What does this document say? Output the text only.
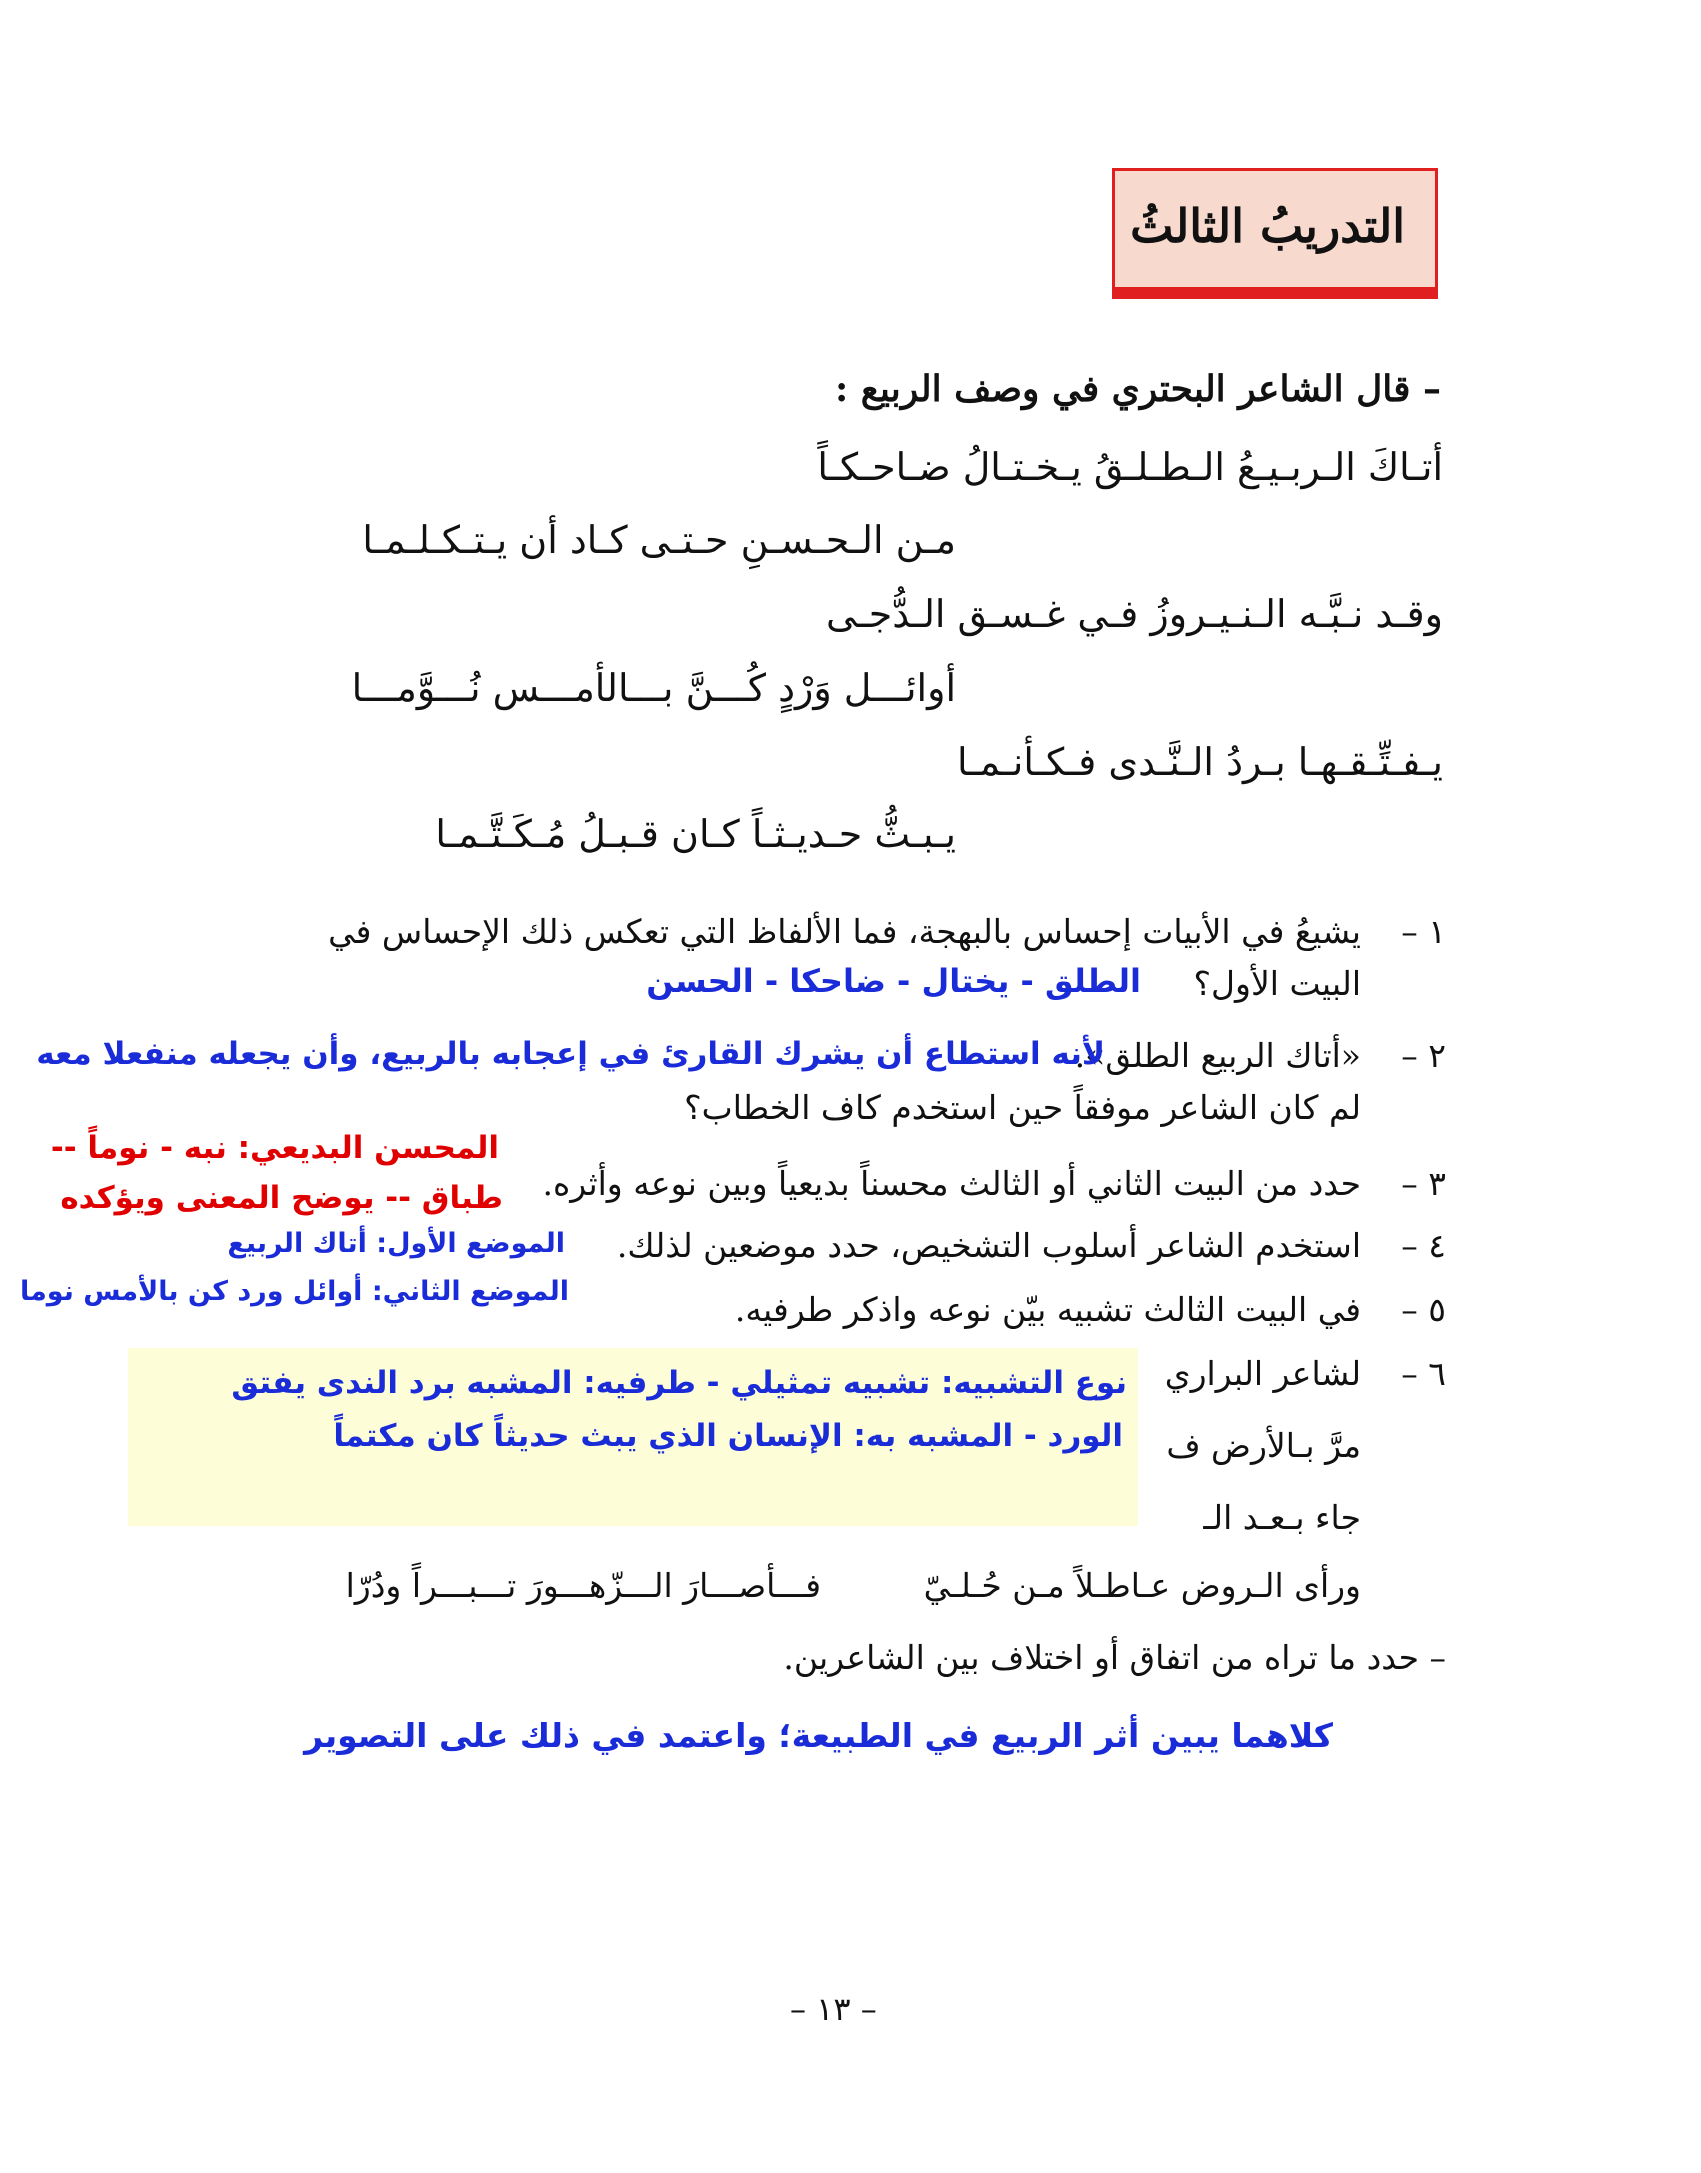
التدريبُ الثالثُ
– قال الشاعر البحتري في وصف الربيع :
أتـاكَ الـربـيـعُ الـطـلـقُ يـخـتـالُ ضـاحـكـاً
مـن الـحـسـنِ حـتـى كـاد أن يـتـكـلـمـا
وقـد نـبَّـه الـنـيـروزُ فـي غـسـق الـدُّجـى
أوائـــل وَرْدٍ كُـــنَّ بـــالأمـــس نُـــوَّمـــا
يـفـتِّـقـهـا بـردُ الـنَّـدى فـكـأنـمـا
يـبـثُّ حـديـثـاً كـان قـبـلُ مُـكَـتَّـمـا
١ –
يشيعُ في الأبيات إحساس بالبهجة، فما الألفاظ التي تعكس ذلك الإحساس في
البيت الأول؟
الطلق - يختال - ضاحكا - الحسن
٢ –
«أتاك الربيع الطلق».
لأنه استطاع أن يشرك القارئ في إعجابه بالربيع، وأن يجعله منفعلا معه
لم كان الشاعر موفقاً حين استخدم كاف الخطاب؟
المحسن البديعي: نبه - نوماً --
٣ –
حدد من البيت الثاني أو الثالث محسناً بديعياً وبين نوعه وأثره.
طباق -- يوضح المعنى ويؤكده
٤ –
استخدم الشاعر أسلوب التشخيص، حدد موضعين لذلك.
الموضع الأول: أتاك الربيع
الموضع الثاني: أوائل ورد كن بالأمس نوما	٥ –
في البيت الثالث تشبيه بيّن نوعه واذكر طرفيه.
٦ –
لشاعر البراري
مرَّ بـالأرض ف
نوع التشبيه: تشبيه تمثيلي - طرفيه: المشبه برد الندى يفتق
الورد - المشبه به: الإنسان الذي يبث حديثاً كان مكتماً
جاء بـعـد الـ
ورأى الـروض عـاطـلاً مـن حُـلـيّ
فـــأصـــارَ الـــزّهـــورَ تـــبـــراً ودُرّا
– حدد ما تراه من اتفاق أو اختلاف بين الشاعرين.
كلاهما يبين أثر الربيع في الطبيعة؛ واعتمد في ذلك على التصوير
– ١٣ –
